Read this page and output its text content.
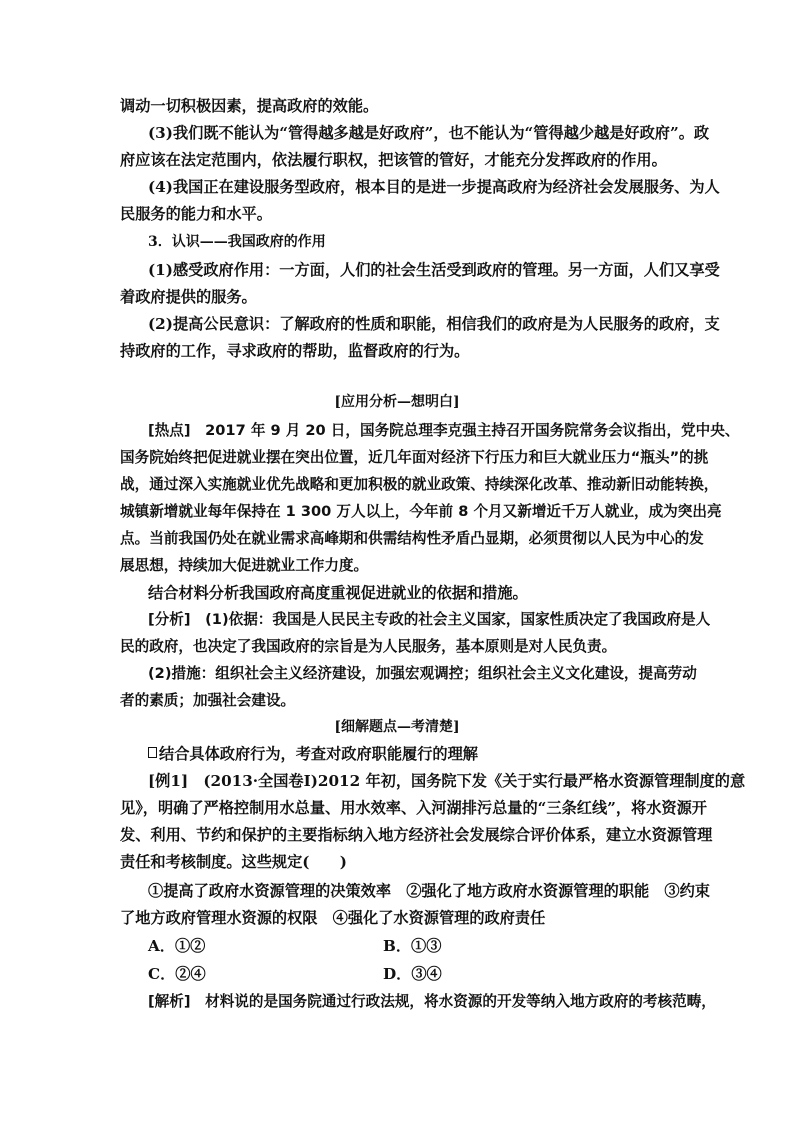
调动一切积极因素，提高政府的效能。
(3)我们既不能认为“管得越多越是好政府”，也不能认为“管得越少越是好政府”。政
府应该在法定范围内，依法履行职权，把该管的管好，才能充分发挥政府的作用。
(4)我国正在建设服务型政府，根本目的是进一步提高政府为经济社会发展服务、为人
民服务的能力和水平。
3．认识——我国政府的作用
(1)感受政府作用：一方面，人们的社会生活受到政府的管理。另一方面，人们又享受
着政府提供的服务。
(2)提高公民意识：了解政府的性质和职能，相信我们的政府是为人民服务的政府，支
持政府的工作，寻求政府的帮助，监督政府的行为。
[应用分析—想明白]
[热点]　2017 年 9 月 20 日，国务院总理李克强主持召开国务院常务会议指出，党中央、
国务院始终把促进就业摆在突出位置，近几年面对经济下行压力和巨大就业压力“瓶头”的挑
战，通过深入实施就业优先战略和更加积极的就业政策、持续深化改革、推动新旧动能转换，
城镇新增就业每年保持在 1 300 万人以上，今年前 8 个月又新增近千万人就业，成为突出亮
点。当前我国仍处在就业需求高峰期和供需结构性矛盾凸显期，必须贯彻以人民为中心的发
展思想，持续加大促进就业工作力度。
结合材料分析我国政府高度重视促进就业的依据和措施。
[分析]　(1)依据：我国是人民民主专政的社会主义国家，国家性质决定了我国政府是人
民的政府，也决定了我国政府的宗旨是为人民服务，基本原则是对人民负责。
(2)措施：组织社会主义经济建设，加强宏观调控；组织社会主义文化建设，提高劳动
者的素质；加强社会建设。
[细解题点—考清楚]
结合具体政府行为，考查对政府职能履行的理解
[例1]　(2013·全国卷Ⅰ)2012 年初，国务院下发《关于实行最严格水资源管理制度的意
见》，明确了严格控制用水总量、用水效率、入河湖排污总量的“三条红线”，将水资源开
发、利用、节约和保护的主要指标纳入地方经济社会发展综合评价体系，建立水资源管理
责任和考核制度。这些规定(　　)
①提高了政府水资源管理的决策效率　②强化了地方政府水资源管理的职能　③约束
了地方政府管理水资源的权限　④强化了水资源管理的政府责任
A．①②	B．①③
C．②④	D．③④
[解析]　材料说的是国务院通过行政法规，将水资源的开发等纳入地方政府的考核范畴，
